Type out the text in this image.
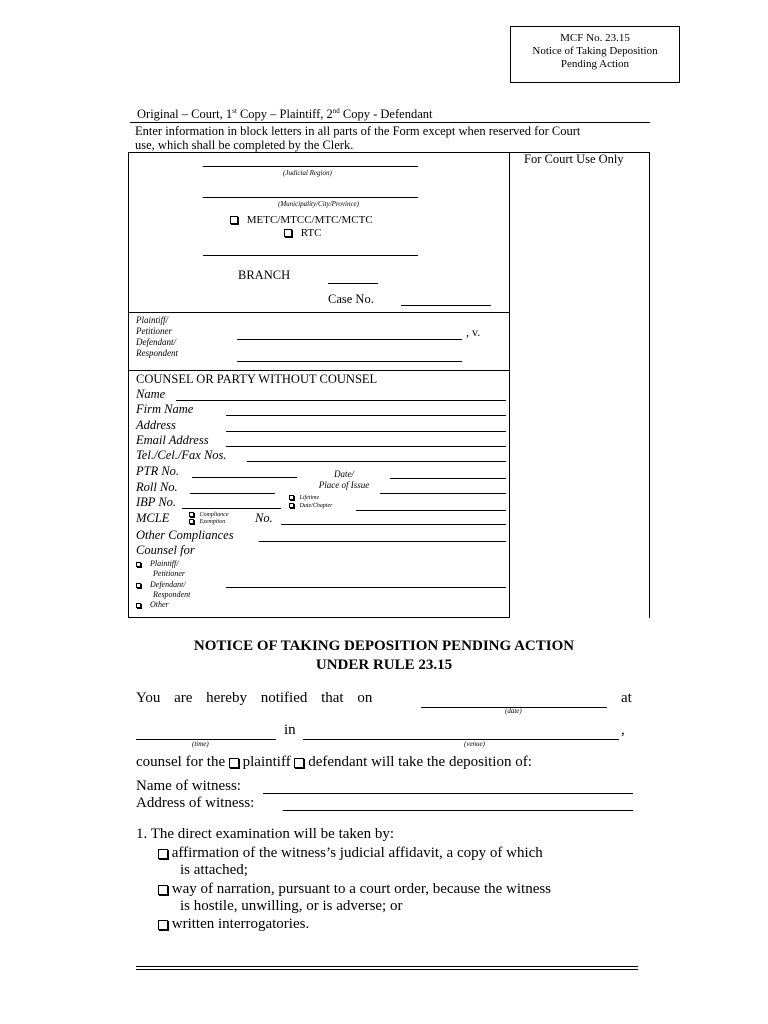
MCF No. 23.15
Notice of Taking Deposition
Pending Action
Original – Court, 1st Copy – Plaintiff, 2nd Copy - Defendant
Enter information in block letters in all parts of the Form except when reserved for Court
use, which shall be completed by the Clerk.
For Court Use Only
(Judicial Region)
(Municipality/City/Province)
METC/MTCC/MTC/MCTC
RTC
BRANCH
Case No.
Plaintiff/
Petitioner
Defendant/
Respondent
, v.
COUNSEL OR PARTY WITHOUT COUNSEL
Name
Firm Name
Address
Email Address
Tel./Cel./Fax Nos.
PTR No.
Roll No.
IBP No.
MCLE
Date/
Place of Issue
Lifetime
Date/Chapter
Compliance
Exemption No.
Other Compliances
Counsel for
Plaintiff/
Petitioner
Defendant/
Respondent
Other
NOTICE OF TAKING DEPOSITION PENDING ACTION
UNDER RULE 23.15
You are hereby notified that on	at
(date)
in	,
(time)	(venue)
counsel for the plaintiff defendant will take the deposition of:
Name of witness:
Address of witness:
1. The direct examination will be taken by:
affirmation of the witness’s judicial affidavit, a copy of which
is attached;
way of narration, pursuant to a court order, because the witness
is hostile, unwilling, or is adverse; or
written interrogatories.
